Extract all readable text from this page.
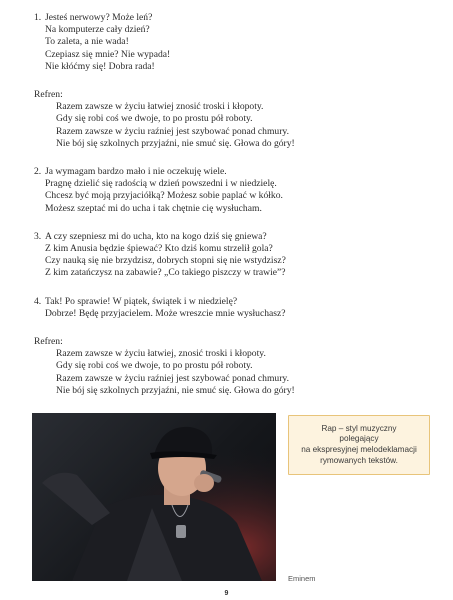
1. Jesteś nerwowy? Może leń?
Na komputerze cały dzień?
To zaleta, a nie wada!
Czepiasz się mnie? Nie wypada!
Nie kłóćmy się! Dobra rada!
Refren:
Razem zawsze w życiu łatwiej znosić troski i kłopoty.
Gdy się robi coś we dwoje, to po prostu pół roboty.
Razem zawsze w życiu raźniej jest szybować ponad chmury.
Nie bój się szkolnych przyjaźni, nie smuć się. Głowa do góry!
2. Ja wymagam bardzo mało i nie oczekuję wiele.
Pragnę dzielić się radością w dzień powszedni i w niedzielę.
Chcesz być moją przyjaciółką? Możesz sobie paplać w kółko.
Możesz szeptać mi do ucha i tak chętnie cię wysłucham.
3. A czy szepniesz mi do ucha, kto na kogo dziś się gniewa?
Z kim Anusia będzie śpiewać? Kto dziś komu strzelił gola?
Czy nauką się nie brzydzisz, dobrych stopni się nie wstydzisz?
Z kim zatańczysz na zabawie? „Co takiego piszczy w trawie”?
4. Tak! Po sprawie! W piątek, świątek i w niedzielę?
Dobrze! Będę przyjacielem. Może wreszcie mnie wysłuchasz?
Refren:
Razem zawsze w życiu łatwiej, znosić troski i kłopoty.
Gdy się robi coś we dwoje, to po prostu pół roboty.
Razem zawsze w życiu raźniej jest szybować ponad chmury.
Nie bój się szkolnych przyjaźni, nie smuć się. Głowa do góry!
Rap – styl muzyczny
polegający
na ekspresyjnej melodeklamacji
rymowanych tekstów.
Eminem
9
